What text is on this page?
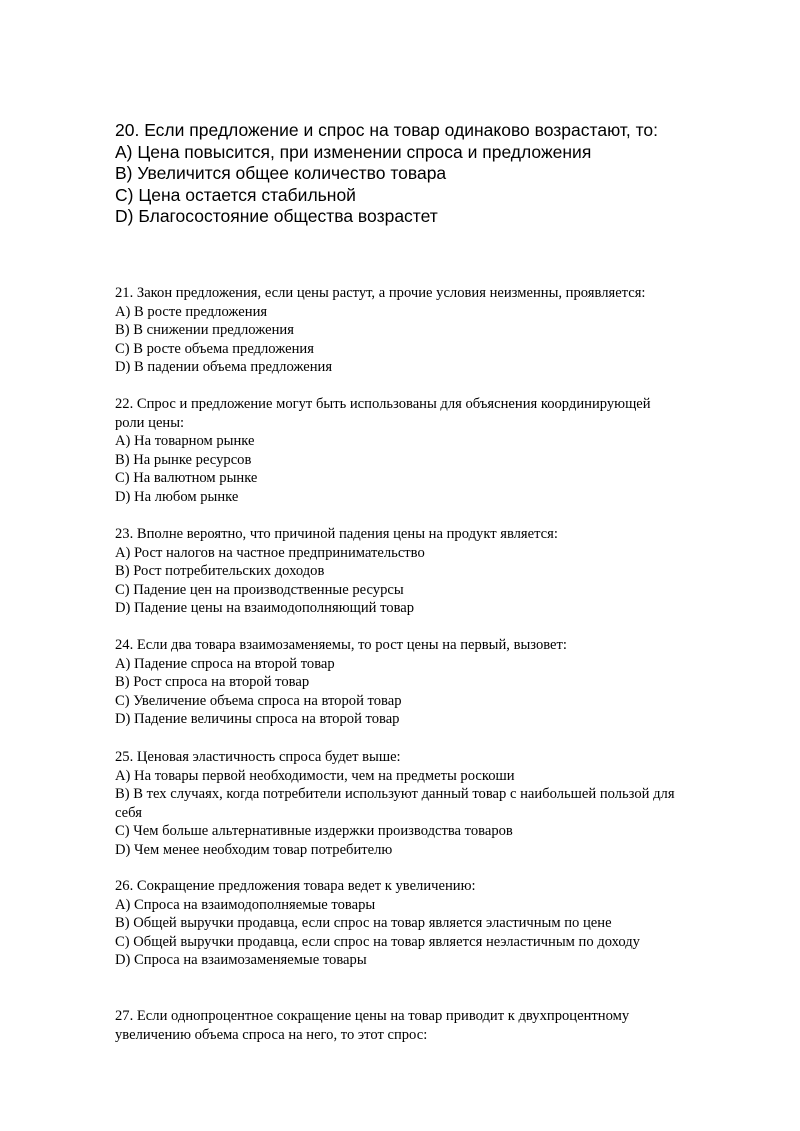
20. Если предложение и спрос на товар одинаково возрастают, то:

A) Цена повысится, при изменении спроса и предложения

B) Увеличится общее количество товара

C) Цена остается стабильной

D) Благосостояние общества возрастет

21. Закон предложения, если цены растут, а прочие условия неизменны, проявляется:

A) В росте предложения

B) В снижении предложения

C) В росте объема предложения

D) В падении объема предложения

22. Спрос и предложение могут быть использованы для объяснения координирующей

роли цены:

A) На товарном рынке

B) На рынке ресурсов

C) На валютном рынке

D) На любом рынке

23. Вполне вероятно, что причиной падения цены на продукт является:

A) Рост налогов на частное предпринимательство

B) Рост потребительских доходов

C) Падение цен на производственные ресурсы

D) Падение цены на взаимодополняющий товар

24. Если два товара взаимозаменяемы, то рост цены на первый, вызовет:

A) Падение спроса на второй товар

B) Рост спроса на второй товар

C) Увеличение объема спроса на второй товар

D) Падение величины спроса на второй товар

25. Ценовая эластичность спроса будет выше:

A) На товары первой необходимости, чем на предметы роскоши

B) В тех случаях, когда потребители используют данный товар с наибольшей пользой для

себя

C) Чем больше альтернативные издержки производства товаров

D) Чем менее необходим товар потребителю

26. Сокращение предложения товара ведет к увеличению:

A) Спроса на взаимодополняемые товары

B) Общей выручки продавца, если спрос на товар является эластичным по цене

C) Общей выручки продавца, если спрос на товар является неэластичным по доходу

D) Спроса на взаимозаменяемые товары

27. Если однопроцентное сокращение цены на товар приводит к двухпроцентному

увеличению объема спроса на него, то этот спрос:
